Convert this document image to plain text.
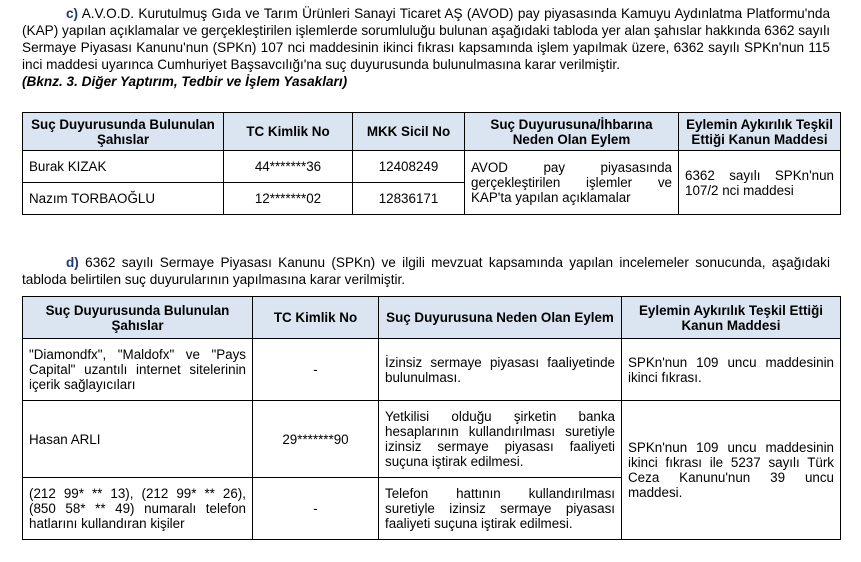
c) A.V.O.D. Kurutulmuş Gıda ve Tarım Ürünleri Sanayi Ticaret AŞ (AVOD) pay piyasasında Kamuyu Aydınlatma Platformu'nda (KAP) yapılan açıklamalar ve gerçekleştirilen işlemlerde sorumluluğu bulunan aşağıdaki tabloda yer alan şahıslar hakkında 6362 sayılı Sermaye Piyasası Kanunu'nun (SPKn) 107 nci maddesinin ikinci fıkrası kapsamında işlem yapılmak üzere, 6362 sayılı SPKn'nun 115 inci maddesi uyarınca Cumhuriyet Başsavcılığı'na suç duyurusunda bulunulmasına karar verilmiştir.
(Bknz. 3. Diğer Yaptırım, Tedbir ve İşlem Yasakları)
Suç Duyurusunda Bulunulan Şahıslar	TC Kimlik No	MKK Sicil No	Suç Duyurusuna/İhbarına Neden Olan Eylem	Eylemin Aykırılık Teşkil Ettiği Kanun Maddesi
Burak KIZAK	44*******36	12408249	AVOD pay piyasasında gerçekleştirilen işlemler ve KAP'ta yapılan açıklamalar	6362 sayılı SPKn'nun 107/2 nci maddesi
Nazım TORBAOĞLU	12*******02	12836171		
d) 6362 sayılı Sermaye Piyasası Kanunu (SPKn) ve ilgili mevzuat kapsamında yapılan incelemeler sonucunda, aşağıdaki tabloda belirtilen suç duyurularının yapılmasına karar verilmiştir.
Suç Duyurusunda Bulunulan Şahıslar	TC Kimlik No	Suç Duyurusuna Neden Olan Eylem	Eylemin Aykırılık Teşkil Ettiği Kanun Maddesi
"Diamondfx", "Maldofx" ve "Pays Capital" uzantılı internet sitelerinin içerik sağlayıcıları	-	İzinsiz sermaye piyasası faaliyetinde bulunulması.	SPKn'nun 109 uncu maddesinin ikinci fıkrası.
Hasan ARLI	29*******90	Yetkilisi olduğu şirketin banka hesaplarının kullandırılması suretiyle izinsiz sermaye piyasası faaliyeti suçuna iştirak edilmesi.	SPKn'nun 109 uncu maddesinin ikinci fıkrası ile 5237 sayılı Türk Ceza Kanunu'nun 39 uncu maddesi.
(212 99* ** 13), (212 99* ** 26), (850 58* ** 49) numaralı telefon hatlarını kullandıran kişiler	-	Telefon hattının kullandırılması suretiyle izinsiz sermaye piyasası faaliyeti suçuna iştirak edilmesi.	
